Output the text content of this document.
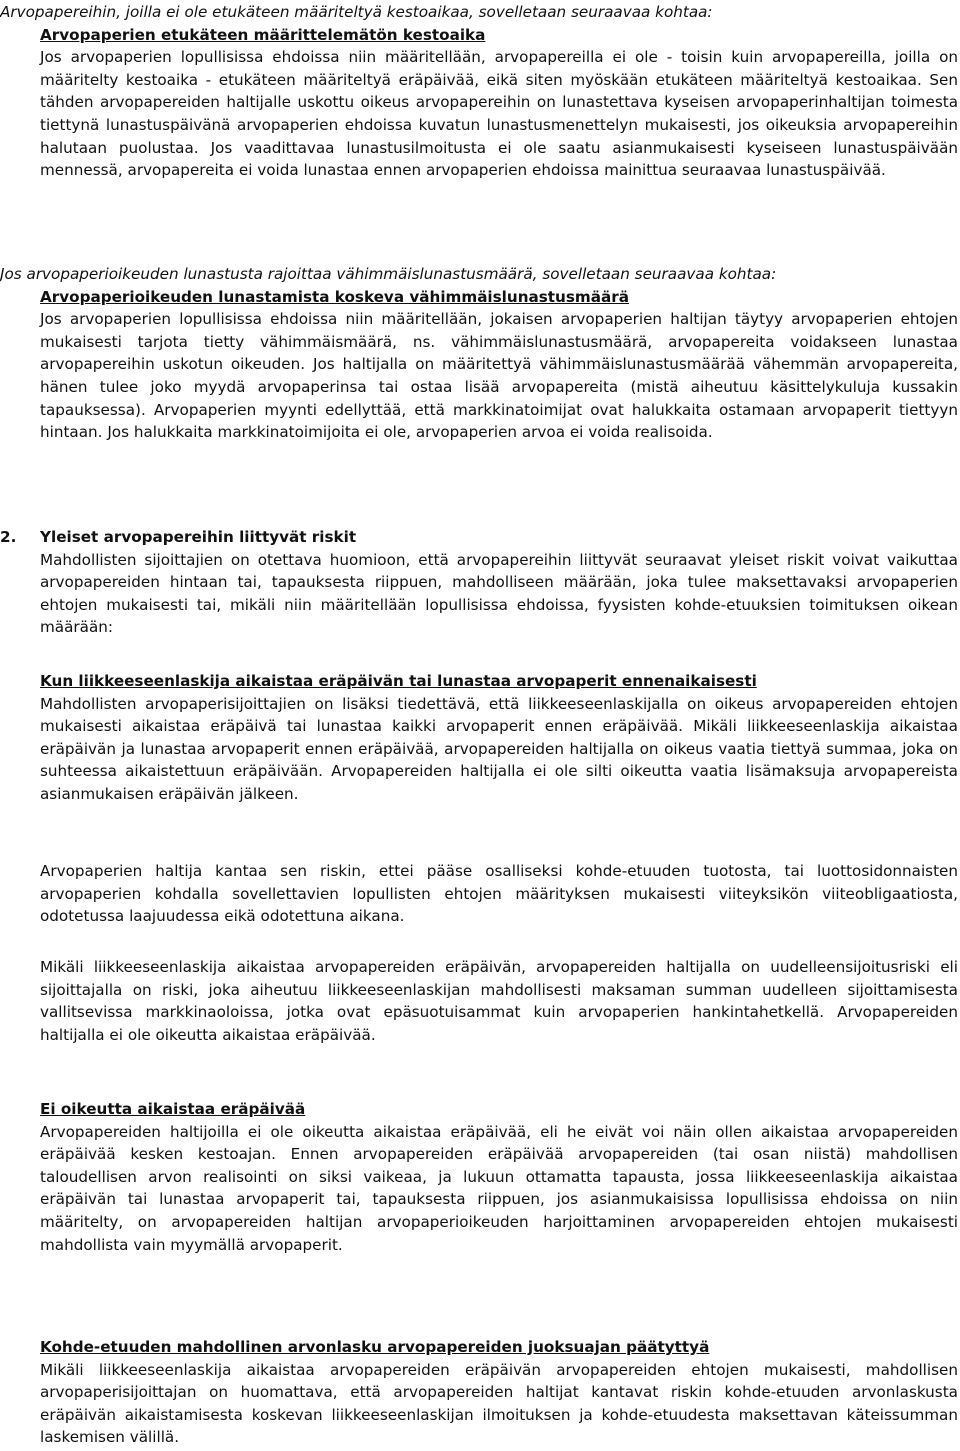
Arvopapereihin, joilla ei ole etukäteen määriteltyä kestoaikaa, sovelletaan seuraavaa kohtaa:

Arvopaperien etukäteen määrittelemätön kestoaika

Jos arvopaperien lopullisissa ehdoissa niin määritellään, arvopapereilla ei ole - toisin kuin arvopapereilla, joilla on määritelty kestoaika - etukäteen määriteltyä eräpäivää, eikä siten myöskään etukäteen määriteltyä kestoaikaa. Sen tähden arvopapereiden haltijalle uskottu oikeus arvopapereihin on lunastettava kyseisen arvopaperinhaltijan toimesta tiettynä lunastuspäivänä arvopaperien ehdoissa kuvatun lunastusmenettelyn mukaisesti, jos oikeuksia arvopapereihin halutaan puolustaa. Jos vaadittavaa lunastusilmoitusta ei ole saatu asianmukaisesti kyseiseen lunastuspäivään mennessä, arvopapereita ei voida lunastaa ennen arvopaperien ehdoissa mainittua seuraavaa lunastuspäivää.

Jos arvopaperioikeuden lunastusta rajoittaa vähimmäislunastusmäärä, sovelletaan seuraavaa kohtaa:

Arvopaperioikeuden lunastamista koskeva vähimmäislunastusmäärä

Jos arvopaperien lopullisissa ehdoissa niin määritellään, jokaisen arvopaperien haltijan täytyy arvopaperien ehtojen mukaisesti tarjota tietty vähimmäismäärä, ns. vähimmäislunastusmäärä, arvopapereita voidakseen lunastaa arvopapereihin uskotun oikeuden. Jos haltijalla on määritettyä vähimmäislunastusmäärää vähemmän arvopapereita, hänen tulee joko myydä arvopaperinsa tai ostaa lisää arvopapereita (mistä aiheutuu käsittelykuluja kussakin tapauksessa). Arvopaperien myynti edellyttää, että markkinatoimijat ovat halukkaita ostamaan arvopaperit tiettyyn hintaan. Jos halukkaita markkinatoimijoita ei ole, arvopaperien arvoa ei voida realisoida.

2. Yleiset arvopapereihin liittyvät riskit

Mahdollisten sijoittajien on otettava huomioon, että arvopapereihin liittyvät seuraavat yleiset riskit voivat vaikuttaa arvopapereiden hintaan tai, tapauksesta riippuen, mahdolliseen määrään, joka tulee maksettavaksi arvopaperien ehtojen mukaisesti tai, mikäli niin määritellään lopullisissa ehdoissa, fyysisten kohde-etuuksien toimituksen oikean määrään:

Kun liikkeeseenlaskija aikaistaa eräpäivän tai lunastaa arvopaperit ennenaikaisesti

Mahdollisten arvopaperisijoittajien on lisäksi tiedettävä, että liikkeeseenlaskijalla on oikeus arvopapereiden ehtojen mukaisesti aikaistaa eräpäivä tai lunastaa kaikki arvopaperit ennen eräpäivää. Mikäli liikkeeseenlaskija aikaistaa eräpäivän ja lunastaa arvopaperit ennen eräpäivää, arvopapereiden haltijalla on oikeus vaatia tiettyä summaa, joka on suhteessa aikaistettuun eräpäivään. Arvopapereiden haltijalla ei ole silti oikeutta vaatia lisämaksuja arvopapereista asianmukaisen eräpäivän jälkeen.

Arvopaperien haltija kantaa sen riskin, ettei pääse osalliseksi kohde-etuuden tuotosta, tai luottosidonnaisten arvopaperien kohdalla sovellettavien lopullisten ehtojen määrityksen mukaisesti viiteyksikön viiteobligaatiosta, odotetussa laajuudessa eikä odotettuna aikana.

Mikäli liikkeeseenlaskija aikaistaa arvopapereiden eräpäivän, arvopapereiden haltijalla on uudelleensijoitusriski eli sijoittajalla on riski, joka aiheutuu liikkeeseenlaskijan mahdollisesti maksaman summan uudelleen sijoittamisesta vallitsevissa markkinaoloissa, jotka ovat epäsuotuisammat kuin arvopaperien hankintahetkellä. Arvopapereiden haltijalla ei ole oikeutta aikaistaa eräpäivää.

Ei oikeutta aikaistaa eräpäivää

Arvopapereiden haltijoilla ei ole oikeutta aikaistaa eräpäivää, eli he eivät voi näin ollen aikaistaa arvopapereiden eräpäivää kesken kestoajan. Ennen arvopapereiden eräpäivää arvopapereiden (tai osan niistä) mahdollisen taloudellisen arvon realisointi on siksi vaikeaa, ja lukuun ottamatta tapausta, jossa liikkeeseenlaskija aikaistaa eräpäivän tai lunastaa arvopaperit tai, tapauksesta riippuen, jos asianmukaisissa lopullisissa ehdoissa on niin määritelty, on arvopapereiden haltijan arvopaperioikeuden harjoittaminen arvopapereiden ehtojen mukaisesti mahdollista vain myymällä arvopaperit.

Kohde-etuuden mahdollinen arvonlasku arvopapereiden juoksuajan päätyttyä

Mikäli liikkeeseenlaskija aikaistaa arvopapereiden eräpäivän arvopapereiden ehtojen mukaisesti, mahdollisen arvopaperisijoittajan on huomattava, että arvopapereiden haltijat kantavat riskin kohde-etuuden arvonlaskusta eräpäivän aikaistamisesta koskevan liikkeeseenlaskijan ilmoituksen ja kohde-etuudesta maksettavan käteissumman laskemisen välillä.
